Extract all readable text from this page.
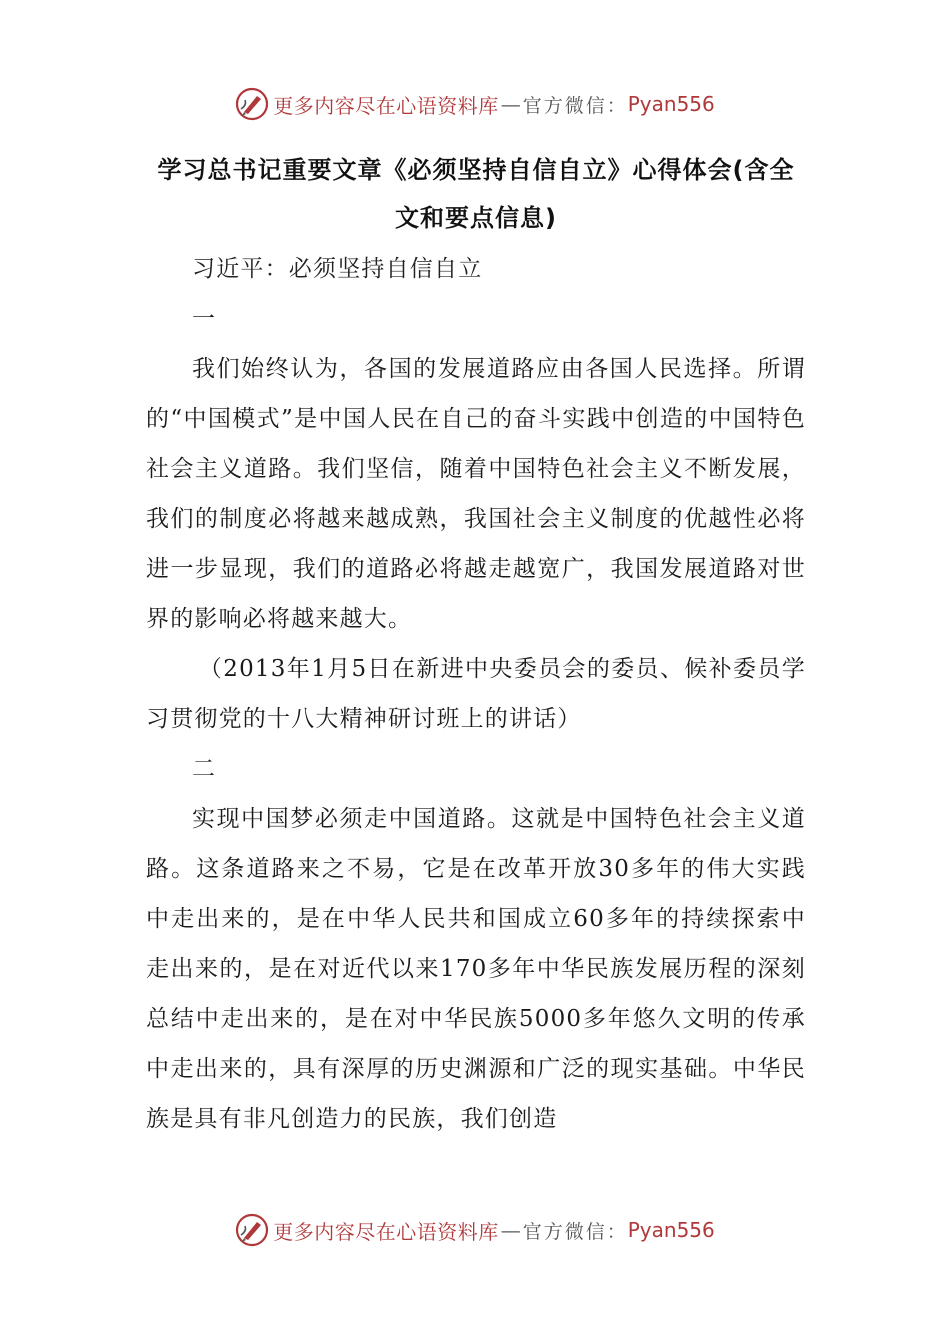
更多内容尽在心语资料库 — 官方微信： Pyan556
学习总书记重要文章《必须坚持自信自立》心得体会(含全文和要点信息)

习近平：必须坚持自信自立

一

我们始终认为，各国的发展道路应由各国人民选择。所谓的“中国模式”是中国人民在自己的奋斗实践中创造的中国特色社会主义道路。我们坚信，随着中国特色社会主义不断发展，我们的制度必将越来越成熟，我国社会主义制度的优越性必将进一步显现，我们的道路必将越走越宽广，我国发展道路对世界的影响必将越来越大。

（2013年1月5日在新进中央委员会的委员、候补委员学习贯彻党的十八大精神研讨班上的讲话）

二

实现中国梦必须走中国道路。这就是中国特色社会主义道路。这条道路来之不易，它是在改革开放30多年的伟大实践中走出来的，是在中华人民共和国成立60多年的持续探索中走出来的，是在对近代以来170多年中华民族发展历程的深刻总结中走出来的，是在对中华民族5000多年悠久文明的传承中走出来的，具有深厚的历史渊源和广泛的现实基础。中华民族是具有非凡创造力的民族，我们创造

更多内容尽在心语资料库 — 官方微信： Pyan556
